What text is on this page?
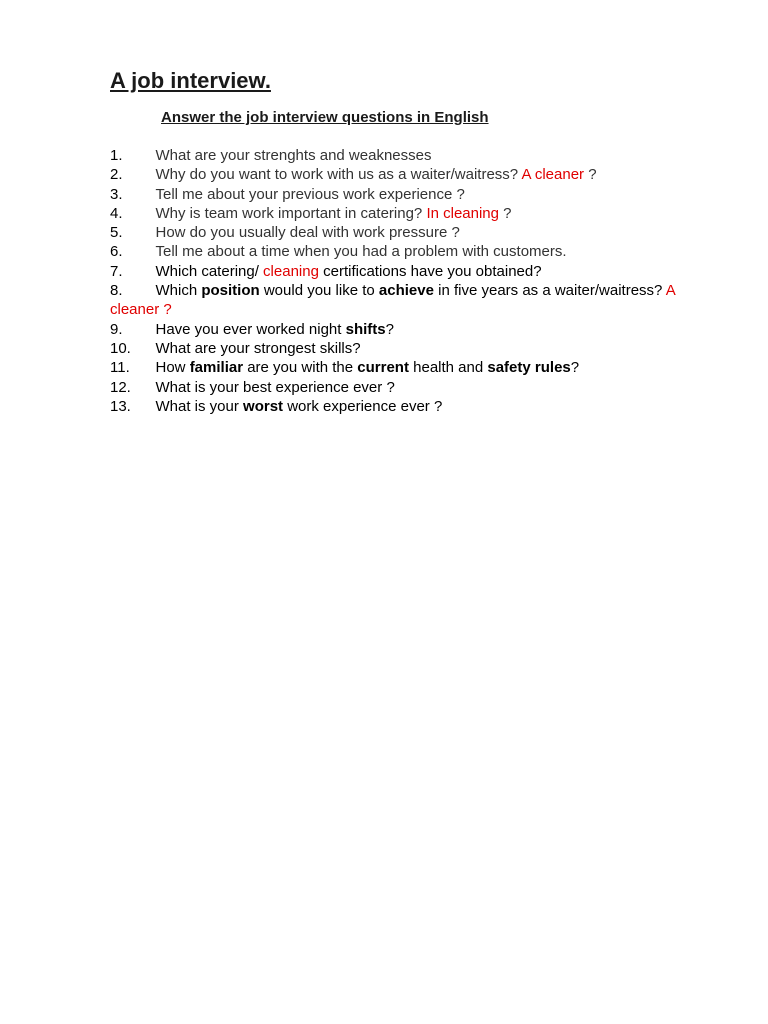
A job interview.

Answer the job interview questions in English

1. What are your strenghts and weaknesses
2. Why do you want to work with us as a waiter/waitress? A cleaner ?
3. Tell me about your previous work experience ?
4. Why is team work important in catering? In cleaning ?
5. How do you usually deal with work pressure ?
6. Tell me about a time when you had a problem with customers.
7. Which catering/ cleaning certifications have you obtained?
8. Which position would you like to achieve in five years as a waiter/waitress? A cleaner ?
9. Have you ever worked night shifts?
10. What are your strongest skills?
11. How familiar are you with the current health and safety rules?
12. What is your best experience ever ?
13. What is your worst work experience ever ?
